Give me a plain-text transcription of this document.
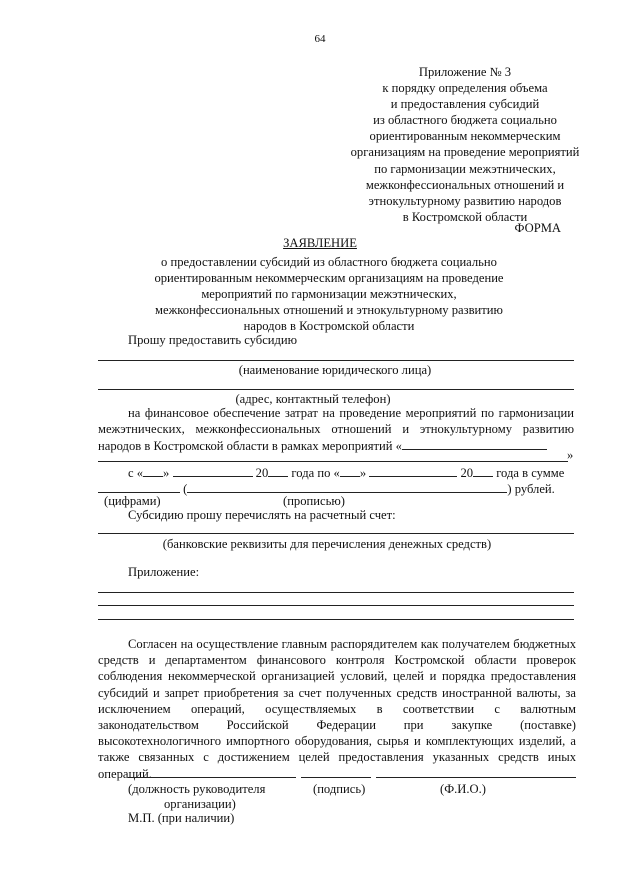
64
Приложение № 3
к порядку определения объема
и предоставления субсидий
из областного бюджета социально
ориентированным некоммерческим
организациям на проведение мероприятий
по гармонизации межэтнических,
межконфессиональных отношений и
этнокультурному развитию народов
в Костромской области
ФОРМА
ЗАЯВЛЕНИЕ
о предоставлении субсидий из областного бюджета социально ориентированным некоммерческим организациям на проведение мероприятий по гармонизации межэтнических, межконфессиональных отношений и этнокультурному развитию народов в Костромской области
Прошу предоставить субсидию
(наименование юридического лица)
(адрес, контактный телефон)
на финансовое обеспечение затрат на проведение мероприятий по гармонизации межэтнических, межконфессиональных отношений и этнокультурному развитию народов в Костромской области в рамках мероприятий «
»
с « »	20 года по « »	20 года в сумме
(	) рублей.
(цифрами)	(прописью)
Субсидию прошу перечислять на расчетный счет:
(банковские реквизиты для перечисления денежных средств)
Приложение:
Согласен на осуществление главным распорядителем как получателем бюджетных средств и департаментом финансового контроля Костромской области проверок соблюдения некоммерческой организацией условий, целей и порядка предоставления субсидий и запрет приобретения за счет полученных средств иностранной валюты, за исключением операций, осуществляемых в соответствии с валютным законодательством Российской Федерации при закупке (поставке) высокотехнологичного импортного оборудования, сырья и комплектующих изделий, а также связанных с достижением целей предоставления указанных средств иных операций.
(должность руководителя
организации)
(подпись)	(Ф.И.О.)
М.П. (при наличии)
